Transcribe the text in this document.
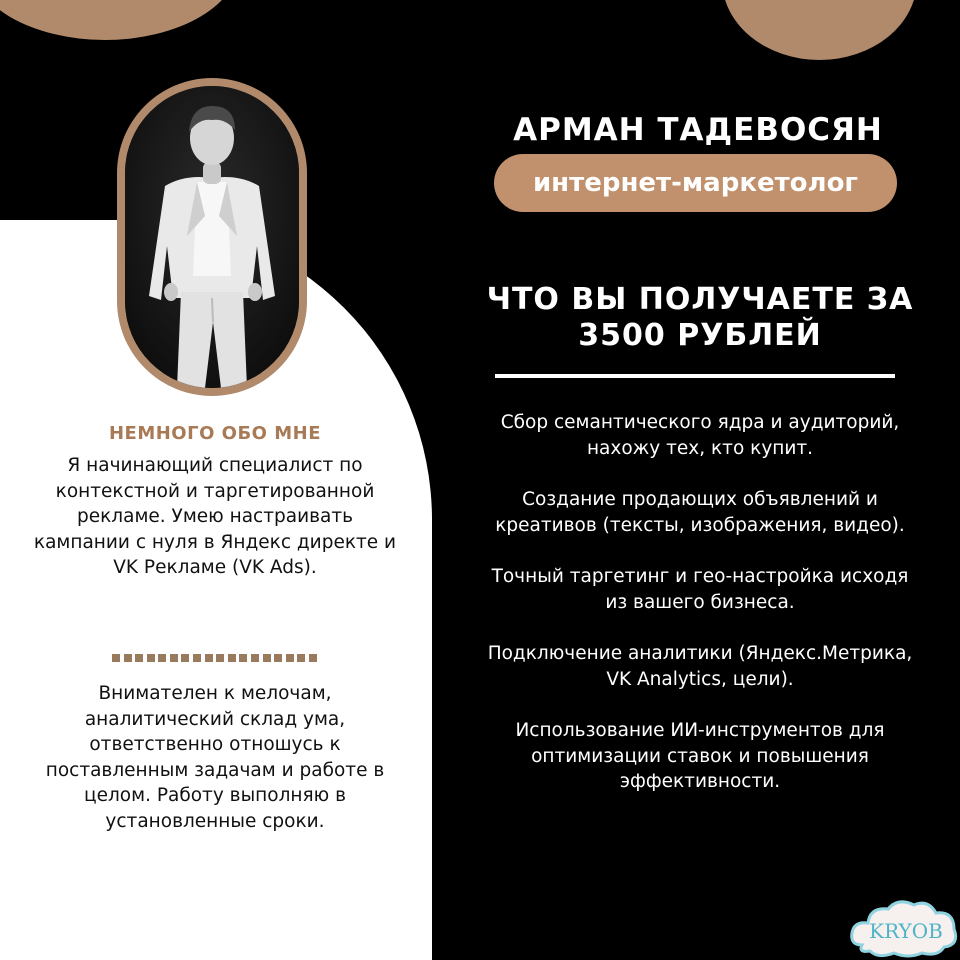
НЕМНОГО ОБО МНЕ
Я начинающий специалист по контекстной и таргетированной рекламе. Умею настраивать кампании с нуля в Яндекс директе и VK Рекламе (VK Ads).
Внимателен к мелочам, аналитический склад ума, ответственно отношусь к поставленным задачам и работе в целом. Работу выполняю в установленные сроки.
АРМАН ТАДЕВОСЯН
интернет-маркетолог
ЧТО ВЫ ПОЛУЧАЕТЕ ЗА 3500 РУБЛЕЙ
Сбор семантического ядра и аудиторий, нахожу тех, кто купит.
Создание продающих объявлений и креативов (тексты, изображения, видео).
Точный таргетинг и гео-настройка исходя из вашего бизнеса.
Подключение аналитики (Яндекс.Метрика, VK Analytics, цели).
Использование ИИ-инструментов для оптимизации ставок и повышения эффективности.
KRYOB
